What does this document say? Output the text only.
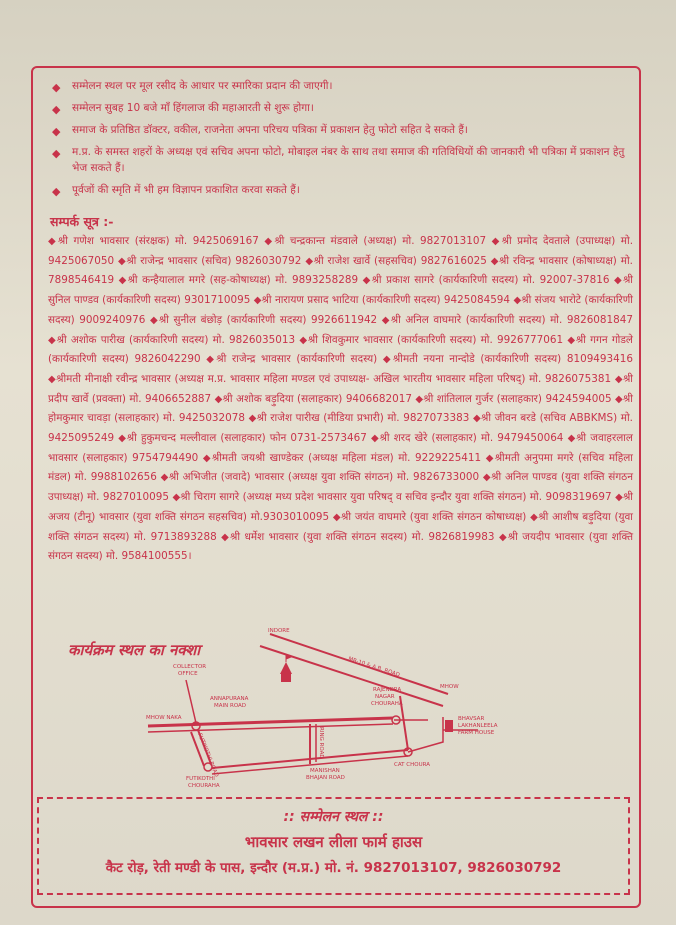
◆ सम्मेलन स्थल पर मूल रसीद के आधार पर स्मारिका प्रदान की जाएगी।
◆ सम्मेलन सुबह 10 बजे माँ हिंगलाज की महाआरती से शुरू होगा।
◆ समाज के प्रतिष्ठित डॉक्टर, वकील, राजनेता अपना परिचय पत्रिका में प्रकाशन हेतु फोटो सहित दे सकते हैं।
◆ म.प्र. के समस्त शहरों के अध्यक्ष एवं सचिव अपना फोटो, मोबाइल नंबर के साथ तथा समाज की गतिविधियों की जानकारी भी पत्रिका में प्रकाशन हेतु भेज सकते हैं।
◆ पूर्वजों की स्मृति में भी हम विज्ञापन प्रकाशित करवा सकते हैं।
सम्पर्क सूत्र :-
◆श्री गणेश भावसार (संरक्षक) मो. 9425069167 ◆श्री चन्द्रकान्त मंडवाले (अध्यक्ष) मो. 9827013107 ◆श्री प्रमोद देवताले (उपाध्यक्ष) मो. 9425067050 ◆श्री राजेन्द्र भावसार (सचिव) 9826030792 ◆श्री राजेश खार्वे (सहसचिव) 9827616025 ◆श्री रविन्द्र भावसार (कोषाध्यक्ष) मो. 7898546419 ◆श्री कन्हैयालाल मगरे (सह-कोषाध्यक्ष) मो. 9893258289 ◆श्री प्रकाश सागरे (कार्यकारिणी सदस्य) मो. 92007-37816 ◆श्री सुनिल पाण्डव (कार्यकारिणी सदस्य) 9301710095 ◆श्री नारायण प्रसाद भाटिया (कार्यकारिणी सदस्य) 9425084594 ◆श्री संजय भारोटे (कार्यकारिणी सदस्य) 9009240976 ◆श्री सुनील बंछोड़ (कार्यकारिणी सदस्य) 9926611942 ◆श्री अनिल वाघमारे (कार्यकारिणी सदस्य) मो. 9826081847 ◆श्री अशोक पारीख (कार्यकारिणी सदस्य) मो. 9826035013 ◆श्री शिवकुमार भावसार (कार्यकारिणी सदस्य) मो. 9926777061 ◆श्री गगन गोडले (कार्यकारिणी सदस्य) 9826042290 ◆श्री राजेन्द्र भावसार (कार्यकारिणी सदस्य) ◆श्रीमती नयना नान्दोडे (कार्यकारिणी सदस्य) 8109493416 ◆श्रीमती मीनाक्षी रवीन्द्र भावसार (अध्यक्ष म.प्र. भावसार महिला मण्डल एवं उपाध्यक्ष- अखिल भारतीय भावसार महिला परिषद्) मो. 9826075381 ◆श्री प्रदीप खार्वे (प्रवक्ता) मो. 9406652887 ◆श्री अशोक बड़ुदिया (सलाहकार) 9406682017 ◆श्री शांतिलाल गुर्जर (सलाहकार) 9424594005 ◆श्री होमकुमार चावड़ा (सलाहकार) मो. 9425032078 ◆श्री राजेश पारीख (मीडिया प्रभारी) मो. 9827073383 ◆श्री जीवन बरडे (सचिव ABBKMS) मो. 9425095249 ◆श्री हुकुमचन्द मल्लीवाल (सलाहकार) फोन 0731-2573467 ◆श्री शरद खेरे (सलाहकार) मो. 9479450064 ◆श्री जवाहरलाल भावसार (सलाहकार) 9754794490 ◆श्रीमती जयश्री खाण्डेकर (अध्यक्ष महिला मंडल) मो. 9229225411 ◆श्रीमती अनुपमा मगरे (सचिव महिला मंडल) मो. 9988102656 ◆श्री अभिजीत (जवादे) भावसार (अध्यक्ष युवा शक्ति संगठन) मो. 9826733000 ◆श्री अनिल पाण्डव (युवा शक्ति संगठन उपाध्यक्ष) मो. 9827010095 ◆श्री चिराग सागरे (अध्यक्ष मध्य प्रदेश भावसार युवा परिषद् व सचिव इन्दौर युवा शक्ति संगठन) मो. 9098319697 ◆श्री अजय (टीनू) भावसार (युवा शक्ति संगठन सहसचिव) मो.9303010095 ◆श्री जयंत वाघमारे (युवा शक्ति संगठन कोषाध्यक्ष) ◆श्री आशीष बड़ुदिया (युवा शक्ति संगठन सदस्य) मो. 9713893288 ◆श्री धर्मेश भावसार (युवा शक्ति संगठन सदस्य) मो. 9826819983 ◆श्री जयदीप भावसार (युवा शक्ति संगठन सदस्य) मो. 9584100555।
कार्यक्रम स्थल का नक्शा
INDORE
MR-10 & A.B. ROAD
MHOW
COLLECTOR
OFFICE
ANNAPURANA
MAIN ROAD
RAJENDRA
NAGAR
CHOURAHA
MHOW NAKA
FUTIKOTHI ROAD	RING ROAD
FUTIKOTHI
CHOURAHA
MANISHAN
BHAJAN ROAD
CAT CHOURA
BHAVSAR
LAKHANLEELA
FARM HOUSE
:: सम्मेलन स्थल ::
भावसार लखन लीला फार्म हाउस
कैट रोड़, रेती मण्डी के पास, इन्दौर (म.प्र.) मो. नं. 9827013107, 9826030792
